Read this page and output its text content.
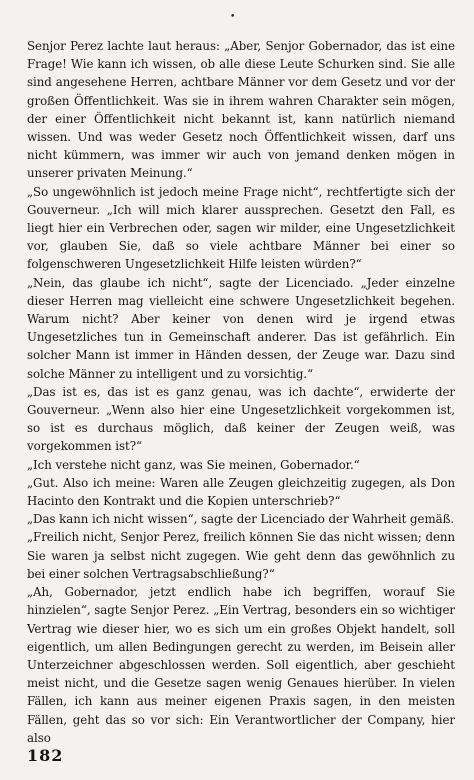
•

Senjor Perez lachte laut heraus: „Aber, Senjor Gobernador, das ist eine Frage! Wie kann ich wissen, ob alle diese Leute Schurken sind. Sie alle sind angesehene Herren, achtbare Männer vor dem Gesetz und vor der großen Öffentlichkeit. Was sie in ihrem wahren Charakter sein mögen, der einer Öffentlichkeit nicht bekannt ist, kann natürlich niemand wissen. Und was weder Gesetz noch Öffentlichkeit wissen, darf uns nicht kümmern, was immer wir auch von jemand denken mögen in unserer privaten Meinung.“

„So ungewöhnlich ist jedoch meine Frage nicht“, rechtfertigte sich der Gouverneur. „Ich will mich klarer aussprechen. Gesetzt den Fall, es liegt hier ein Verbrechen oder, sagen wir milder, eine Ungesetzlichkeit vor, glauben Sie, daß so viele achtbare Männer bei einer so folgenschweren Ungesetzlichkeit Hilfe leisten würden?“

„Nein, das glaube ich nicht“, sagte der Licenciado. „Jeder einzelne dieser Herren mag vielleicht eine schwere Ungesetzlichkeit begehen. Warum nicht? Aber keiner von denen wird je irgend etwas Ungesetzliches tun in Gemeinschaft anderer. Das ist gefährlich. Ein solcher Mann ist immer in Händen dessen, der Zeuge war. Dazu sind solche Männer zu intelligent und zu vorsichtig.“

„Das ist es, das ist es ganz genau, was ich dachte“, erwiderte der Gouverneur. „Wenn also hier eine Ungesetzlichkeit vorgekommen ist, so ist es durchaus möglich, daß keiner der Zeugen weiß, was vorgekommen ist?“

„Ich verstehe nicht ganz, was Sie meinen, Gobernador.“

„Gut. Also ich meine: Waren alle Zeugen gleichzeitig zugegen, als Don Hacinto den Kontrakt und die Kopien unterschrieb?“

„Das kann ich nicht wissen“, sagte der Licenciado der Wahrheit gemäß.

„Freilich nicht, Senjor Perez, freilich können Sie das nicht wissen; denn Sie waren ja selbst nicht zugegen. Wie geht denn das gewöhnlich zu bei einer solchen Vertragsabschließung?“

„Ah, Gobernador, jetzt endlich habe ich begriffen, worauf Sie hinzielen“, sagte Senjor Perez. „Ein Vertrag, besonders ein so wichtiger Vertrag wie dieser hier, wo es sich um ein großes Objekt handelt, soll eigentlich, um allen Bedingungen gerecht zu werden, im Beisein aller Unterzeichner abgeschlossen werden. Soll eigentlich, aber geschieht meist nicht, und die Gesetze sagen wenig Genaues hierüber. In vielen Fällen, ich kann aus meiner eigenen Praxis sagen, in den meisten Fällen, geht das so vor sich: Ein Verantwortlicher der Company, hier also

182
